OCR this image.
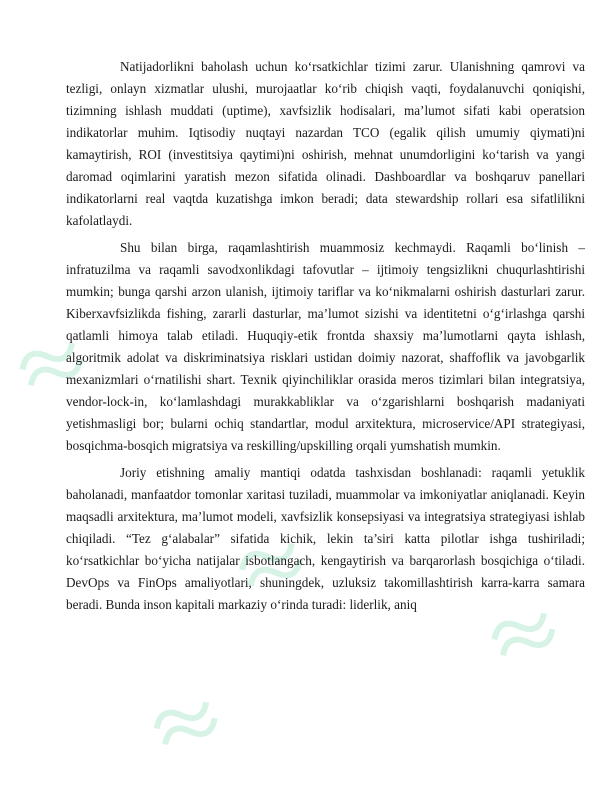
Natijadorlikni baholash uchun ko‘rsatkichlar tizimi zarur. Ulanishning qamrovi va tezligi, onlayn xizmatlar ulushi, murojaatlar ko‘rib chiqish vaqti, foydalanuvchi qoniqishi, tizimning ishlash muddati (uptime), xavfsizlik hodisalari, ma’lumot sifati kabi operatsion indikatorlar muhim. Iqtisodiy nuqtayi nazardan TCO (egalik qilish umumiy qiymati)ni kamaytirish, ROI (investitsiya qaytimi)ni oshirish, mehnat unumdorligini ko‘tarish va yangi daromad oqimlarini yaratish mezon sifatida olinadi. Dashboardlar va boshqaruv panellari indikatorlarni real vaqtda kuzatishga imkon beradi; data stewardship rollari esa sifatlilikni kafolatlaydi.

Shu bilan birga, raqamlashtirish muammosiz kechmaydi. Raqamli bo‘linish – infratuzilma va raqamli savodxonlikdagi tafovutlar – ijtimoiy tengsizlikni chuqurlashtirishi mumkin; bunga qarshi arzon ulanish, ijtimoiy tariflar va ko‘nikmalarni oshirish dasturlari zarur. Kiberxavfsizlikda fishing, zararli dasturlar, ma’lumot sizishi va identitetni o‘g‘irlashga qarshi qatlamli himoya talab etiladi. Huquqiy-etik frontda shaxsiy ma’lumotlarni qayta ishlash, algoritmik adolat va diskriminatsiya risklari ustidan doimiy nazorat, shaffoflik va javobgarlik mexanizmlari o‘rnatilishi shart. Texnik qiyinchiliklar orasida meros tizimlari bilan integratsiya, vendor-lock-in, ko‘lamlashdagi murakkabliklar va o‘zgarishlarni boshqarish madaniyati yetishmasligi bor; bularni ochiq standartlar, modul arxitektura, microservice/API strategiyasi, bosqichma-bosqich migratsiya va reskilling/upskilling orqali yumshatish mumkin.

Joriy etishning amaliy mantiqi odatda tashxisdan boshlanadi: raqamli yetuklik baholanadi, manfaatdor tomonlar xaritasi tuziladi, muammolar va imkoniyatlar aniqlanadi. Keyin maqsadli arxitektura, ma’lumot modeli, xavfsizlik konsepsiyasi va integratsiya strategiyasi ishlab chiqiladi. “Tez g‘alabalar” sifatida kichik, lekin ta’siri katta pilotlar ishga tushiriladi; ko‘rsatkichlar bo‘yicha natijalar isbotlangach, kengaytirish va barqarorlash bosqichiga o‘tiladi. DevOps va FinOps amaliyotlari, shuningdek, uzluksiz takomillashtirish karra-karra samara beradi. Bunda inson kapitali markaziy o‘rinda turadi: liderlik, aniq
